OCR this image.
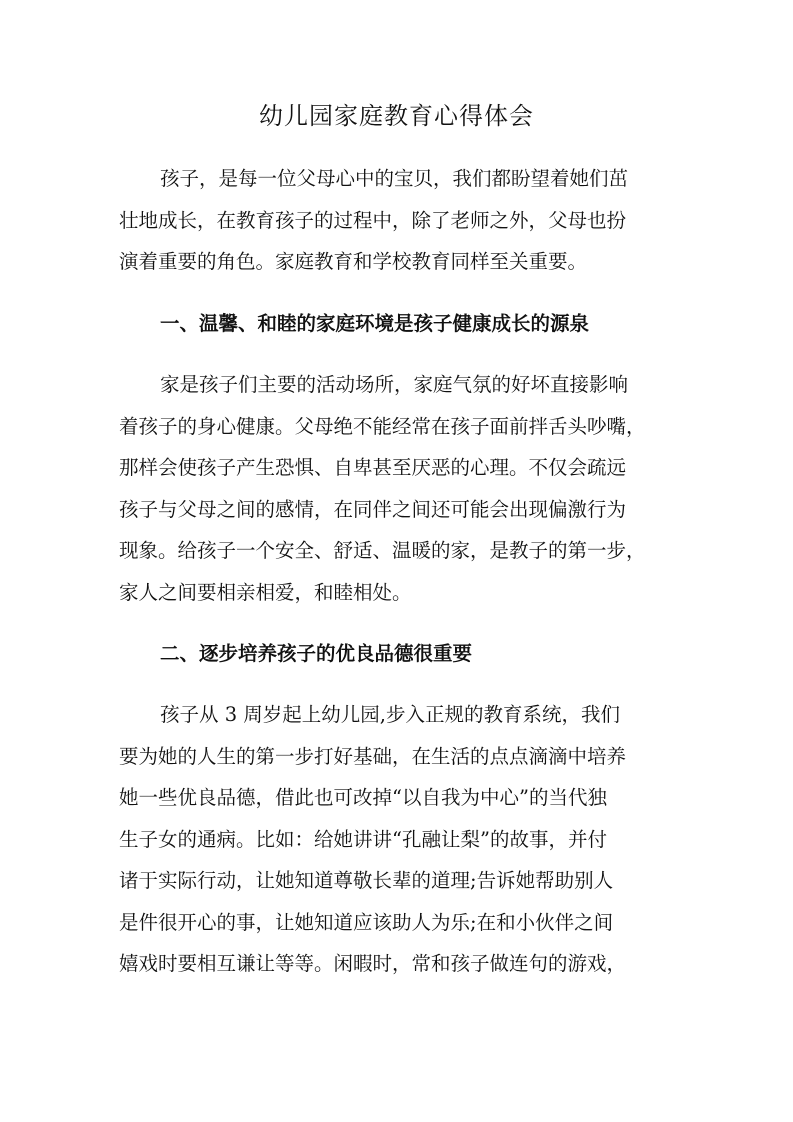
幼儿园家庭教育心得体会
孩子，是每一位父母心中的宝贝，我们都盼望着她们茁
壮地成长，在教育孩子的过程中，除了老师之外，父母也扮
演着重要的角色。家庭教育和学校教育同样至关重要。
一、温馨、和睦的家庭环境是孩子健康成长的源泉
家是孩子们主要的活动场所，家庭气氛的好坏直接影响
着孩子的身心健康。父母绝不能经常在孩子面前拌舌头吵嘴，
那样会使孩子产生恐惧、自卑甚至厌恶的心理。不仅会疏远
孩子与父母之间的感情，在同伴之间还可能会出现偏激行为
现象。给孩子一个安全、舒适、温暖的家，是教子的第一步，
家人之间要相亲相爱，和睦相处。
二、逐步培养孩子的优良品德很重要
孩子从 3 周岁起上幼儿园,步入正规的教育系统，我们
要为她的人生的第一步打好基础，在生活的点点滴滴中培养
她一些优良品德，借此也可改掉“以自我为中心”的当代独
生子女的通病。比如：给她讲讲“孔融让梨”的故事，并付
诸于实际行动，让她知道尊敬长辈的道理;告诉她帮助别人
是件很开心的事，让她知道应该助人为乐;在和小伙伴之间
嬉戏时要相互谦让等等。闲暇时，常和孩子做连句的游戏，
